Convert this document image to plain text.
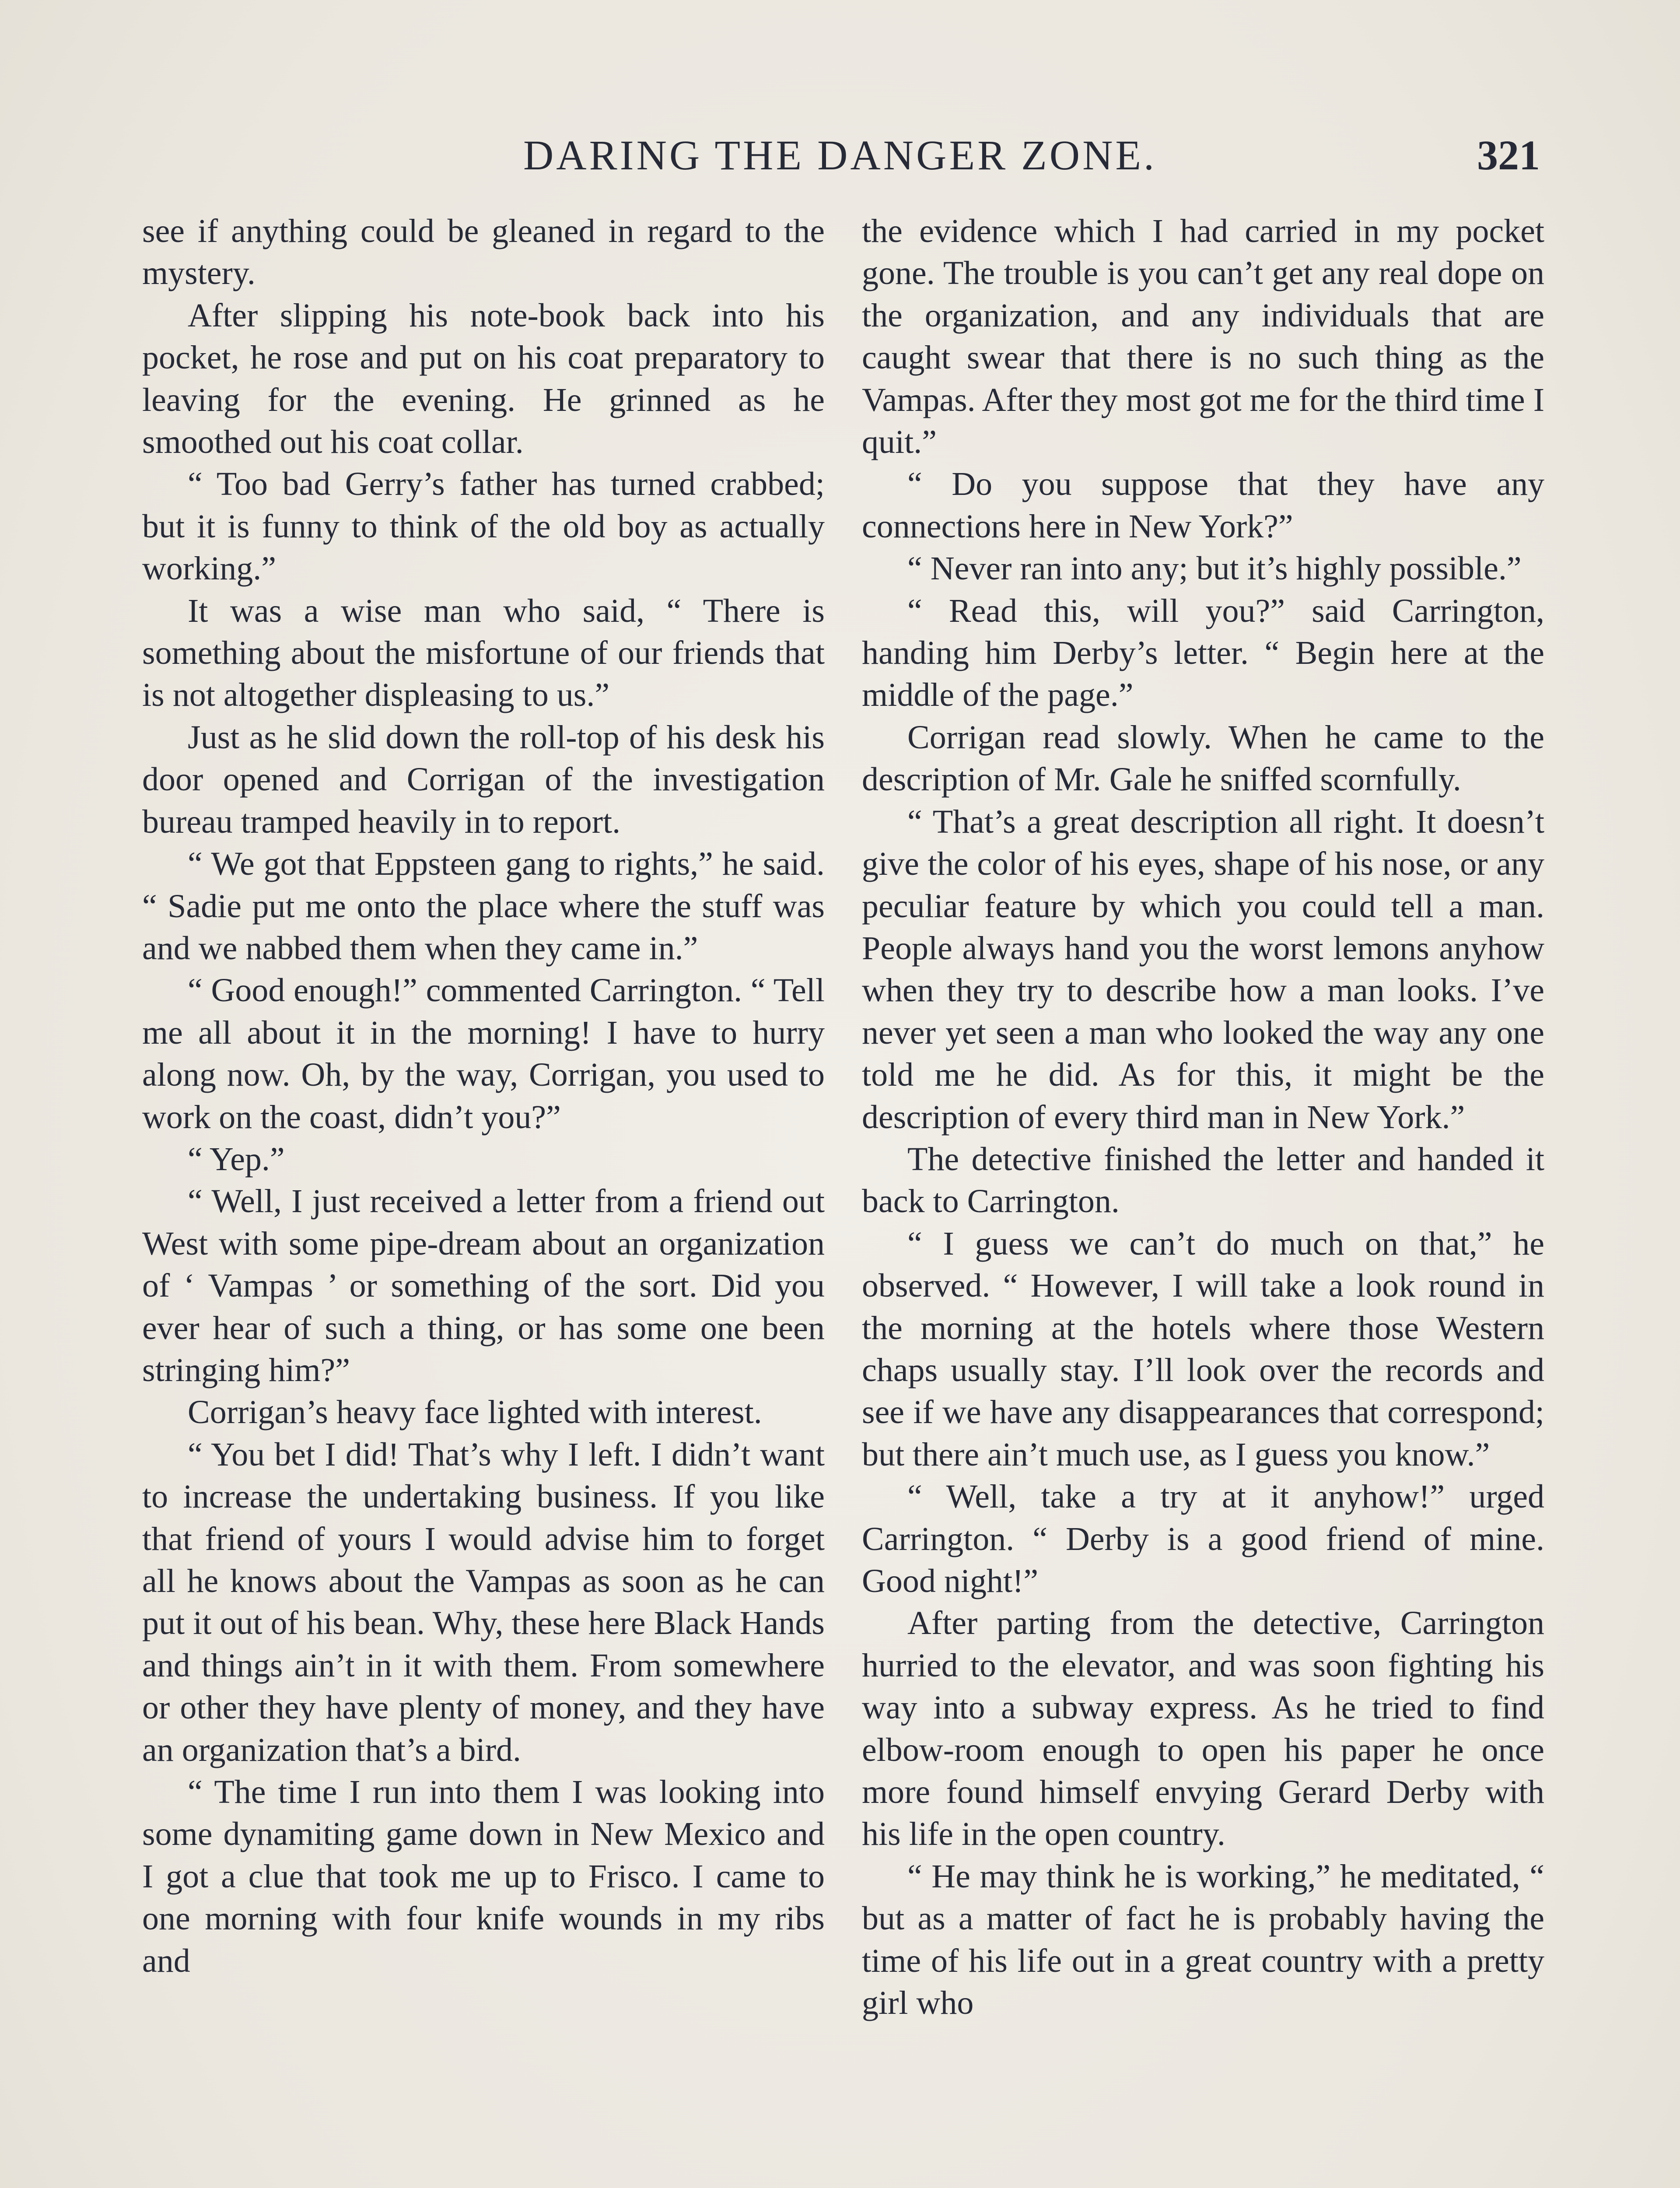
DARING THE DANGER ZONE.	321

see if anything could be gleaned in regard to the mystery.

After slipping his note-book back into his pocket, he rose and put on his coat preparatory to leaving for the evening. He grinned as he smoothed out his coat collar.

“ Too bad Gerry’s father has turned crabbed; but it is funny to think of the old boy as actually working.”

It was a wise man who said, “ There is something about the misfortune of our friends that is not altogether displeasing to us.”

Just as he slid down the roll-top of his desk his door opened and Corrigan of the investigation bureau tramped heavily in to report.

“ We got that Eppsteen gang to rights,” he said. “ Sadie put me onto the place where the stuff was and we nabbed them when they came in.”

“ Good enough!” commented Carrington. “ Tell me all about it in the morning! I have to hurry along now. Oh, by the way, Corrigan, you used to work on the coast, didn’t you?”

“ Yep.”

“ Well, I just received a letter from a friend out West with some pipe-dream about an organization of ‘ Vampas ’ or something of the sort. Did you ever hear of such a thing, or has some one been stringing him?”

Corrigan’s heavy face lighted with interest.

“ You bet I did! That’s why I left. I didn’t want to increase the undertaking business. If you like that friend of yours I would advise him to forget all he knows about the Vampas as soon as he can put it out of his bean. Why, these here Black Hands and things ain’t in it with them. From somewhere or other they have plenty of money, and they have an organization that’s a bird.

“ The time I run into them I was looking into some dynamiting game down in New Mexico and I got a clue that took me up to Frisco. I came to one morning with four knife wounds in my ribs and

the evidence which I had carried in my pocket gone. The trouble is you can’t get any real dope on the organization, and any individuals that are caught swear that there is no such thing as the Vampas. After they most got me for the third time I quit.”

“ Do you suppose that they have any connections here in New York?”

“ Never ran into any; but it’s highly possible.”

“ Read this, will you?” said Carrington, handing him Derby’s letter. “ Begin here at the middle of the page.”

Corrigan read slowly. When he came to the description of Mr. Gale he sniffed scornfully.

“ That’s a great description all right. It doesn’t give the color of his eyes, shape of his nose, or any peculiar feature by which you could tell a man. People always hand you the worst lemons anyhow when they try to describe how a man looks. I’ve never yet seen a man who looked the way any one told me he did. As for this, it might be the description of every third man in New York.”

The detective finished the letter and handed it back to Carrington.

“ I guess we can’t do much on that,” he observed. “ However, I will take a look round in the morning at the hotels where those Western chaps usually stay. I’ll look over the records and see if we have any disappearances that correspond; but there ain’t much use, as I guess you know.”

“ Well, take a try at it anyhow!” urged Carrington. “ Derby is a good friend of mine. Good night!”

After parting from the detective, Carrington hurried to the elevator, and was soon fighting his way into a subway express. As he tried to find elbow-room enough to open his paper he once more found himself envying Gerard Derby with his life in the open country.

“ He may think he is working,” he meditated, “ but as a matter of fact he is probably having the time of his life out in a great country with a pretty girl who
